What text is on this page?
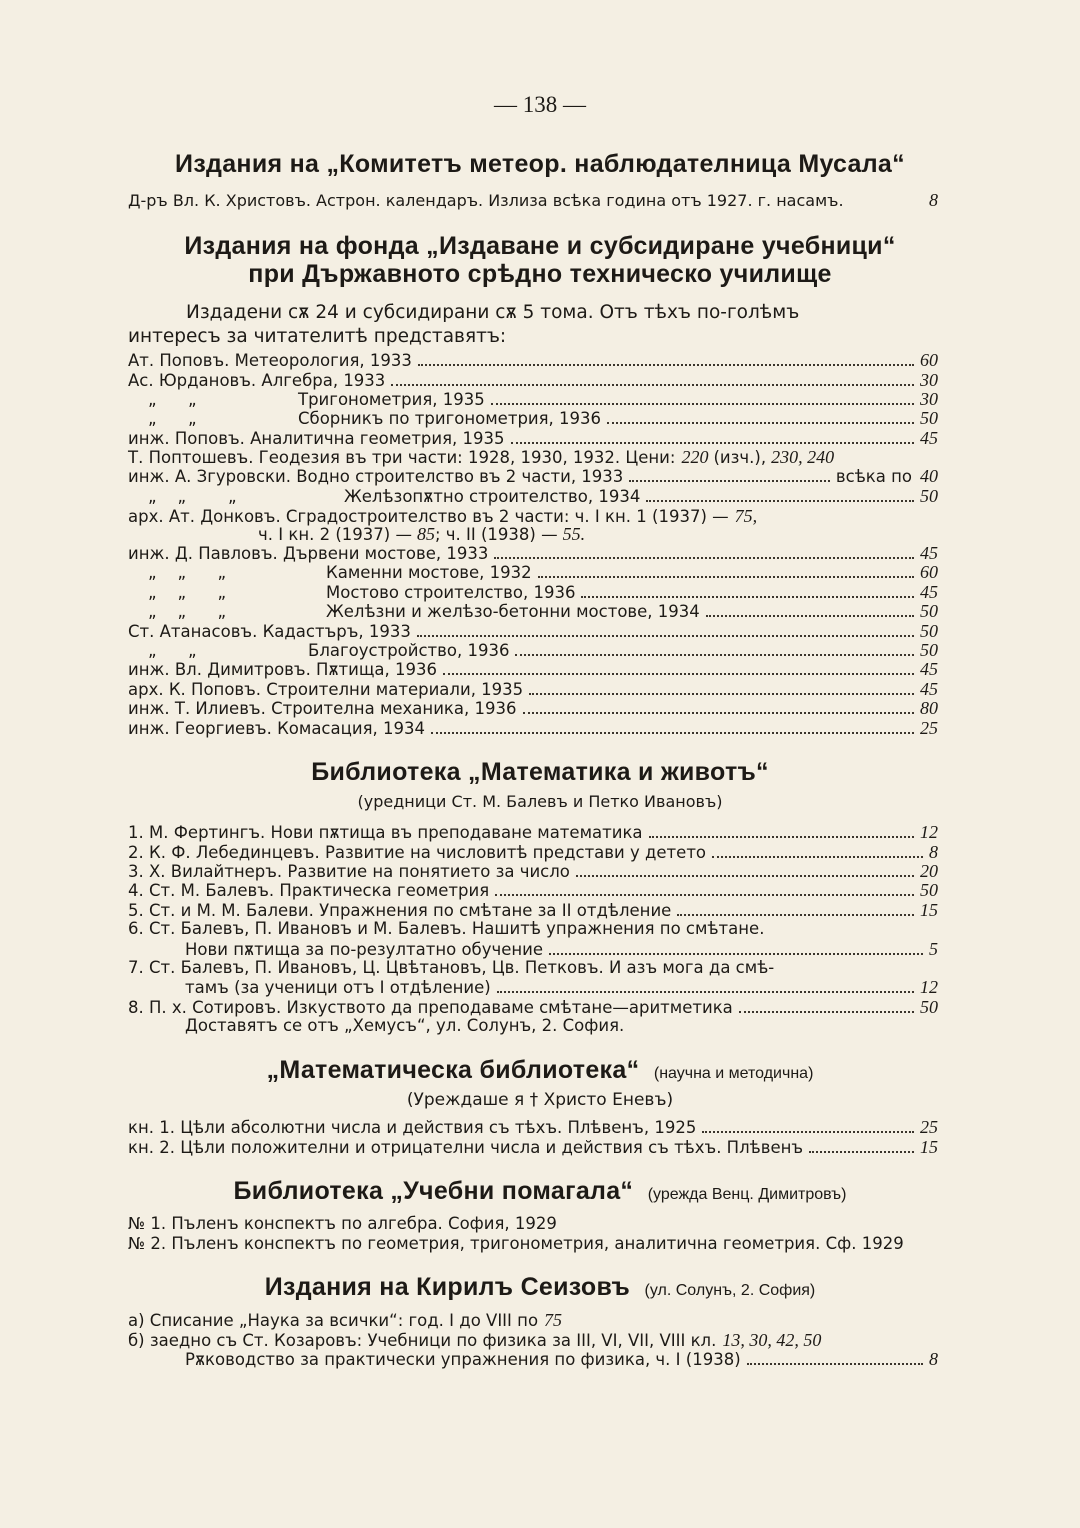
— 138 —
Издания на „Комитетъ метеор. наблюдателница Мусала“
Д-ръ Вл. К. Христовъ. Астрон. календаръ. Излиза всѣка година отъ 1927. г. насамъ.	8
Издания на фонда „Издаване и субсидиране учебници“
при Държавното срѣдно техническо училище
Издадени сѫ 24 и субсидирани сѫ 5 тома. Отъ тѣхъ по-голѣмъ
интересъ за читателитѣ представятъ:
Ат. Поповъ. Метеорология, 1933	60
Ас. Юрдановъ. Алгебра, 1933	30
„      „	Тригонометрия, 1935	30
„      „	Сборникъ по тригонометрия, 1936	50
инж. Поповъ. Аналитична геометрия, 1935	45
Т. Поптошевъ. Геодезия въ три части: 1928, 1930, 1932. Цени: 220 (изч.), 230, 240
инж. А. Згуровски. Водно строителство въ 2 части, 1933	всѣка по 40
„    „        „	Желѣзопѫтно строителство, 1934	50
арх. Ат. Донковъ. Сградостроителство въ 2 части: ч. I кн. 1 (1937) — 75,
ч. I кн. 2 (1937) — 85 ; ч. II (1938) — 55.
инж. Д. Павловъ. Дървени мостове, 1933	45
„    „      „	Каменни мостове, 1932	60
„    „      „	Мостово строителство, 1936	45
„    „      „	Желѣзни и желѣзо-бетонни мостове, 1934	50
Ст. Атанасовъ. Кадастъръ, 1933	50
„      „	Благоустройство, 1936	50
инж. Вл. Димитровъ. Пѫтища, 1936	45
арх. К. Поповъ. Строителни материали, 1935	45
инж. Т. Илиевъ. Строителна механика, 1936	80
инж. Георгиевъ. Комасация, 1934	25
Библиотека „Математика и животъ“
(уредници Ст. М. Балевъ и Петко Ивановъ)
1. М. Фертингъ. Нови пѫтища въ преподаване математика	12
2. К. Ф. Лебединцевъ. Развитие на числовитѣ представи у детето	8
3. Х. Вилайтнеръ. Развитие на понятието за число	20
4. Ст. М. Балевъ. Практическа геометрия	50
5. Ст. и М. М. Балеви. Упражнения по смѣтане за II отдѣление	15
6. Ст. Балевъ, П. Ивановъ и М. Балевъ. Нашитѣ упражнения по смѣтане.
Нови пѫтища за по-резултатно обучение	5
7. Ст. Балевъ, П. Ивановъ, Ц. Цвѣтановъ, Цв. Петковъ. И азъ мога да смѣ-
тамъ (за ученици отъ I отдѣление)	12
8. П. х. Сотировъ. Изкуството да преподаваме смѣтане—аритметика	50
Доставятъ се отъ „Хемусъ“, ул. Солунъ, 2. София.
„Математическа библиотека“ (научна и методична)
(Уреждаше я † Христо Еневъ)
кн. 1. Цѣли абсолютни числа и действия съ тѣхъ. Плѣвенъ, 1925	25
кн. 2. Цѣли положителни и отрицателни числа и действия съ тѣхъ. Плѣвенъ	15
Библиотека „Учебни помагала“ (урежда Венц. Димитровъ)
№ 1. Пъленъ конспектъ по алгебра. София, 1929
№ 2. Пъленъ конспектъ по геометрия, тригонометрия, аналитична геометрия. Сф. 1929
Издания на Кирилъ Сеизовъ (ул. Солунъ, 2. София)
а) Списание „Наука за всички“: год. I до VIII по 75
б) заедно съ Ст. Козаровъ: Учебници по физика за III, VI, VII, VIII кл. 13, 30, 42, 50
Рѫководство за практически упражнения по физика, ч. I (1938)	8
